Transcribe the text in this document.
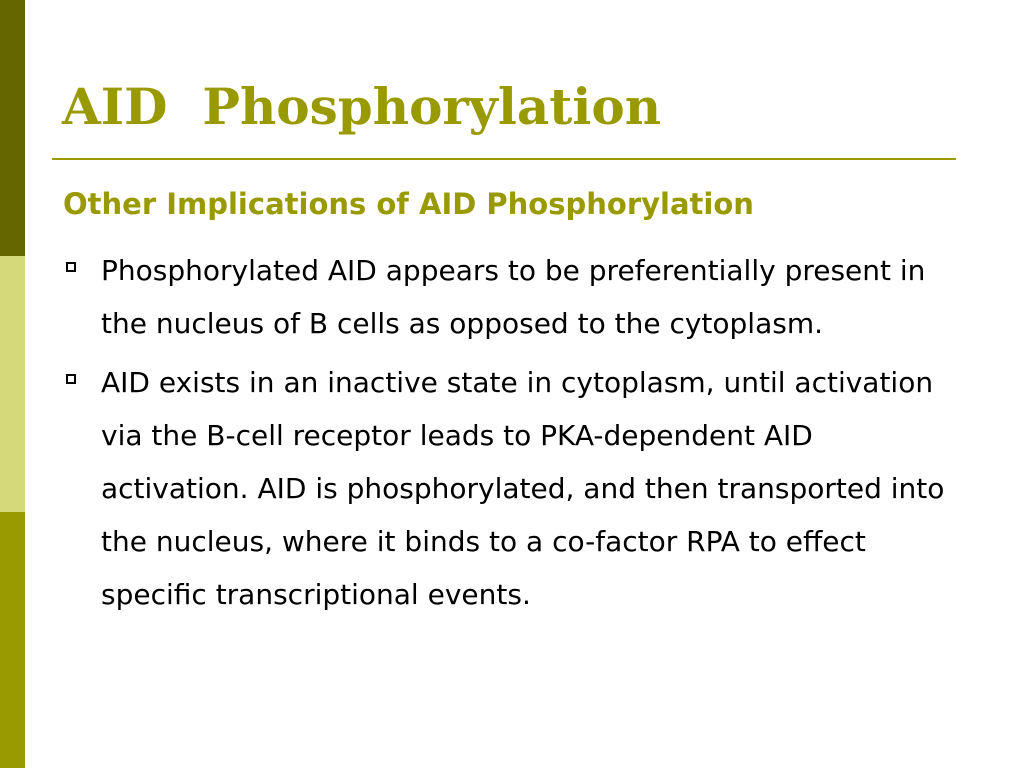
AID  Phosphorylation
Other Implications of AID Phosphorylation
Phosphorylated AID appears to be preferentially present in the nucleus of B cells as opposed to the cytoplasm.
AID exists in an inactive state in cytoplasm, until activation via the B-cell receptor leads to PKA-dependent AID activation. AID is phosphorylated, and then transported into the nucleus, where it binds to a co-factor RPA to effect specific transcriptional events.
